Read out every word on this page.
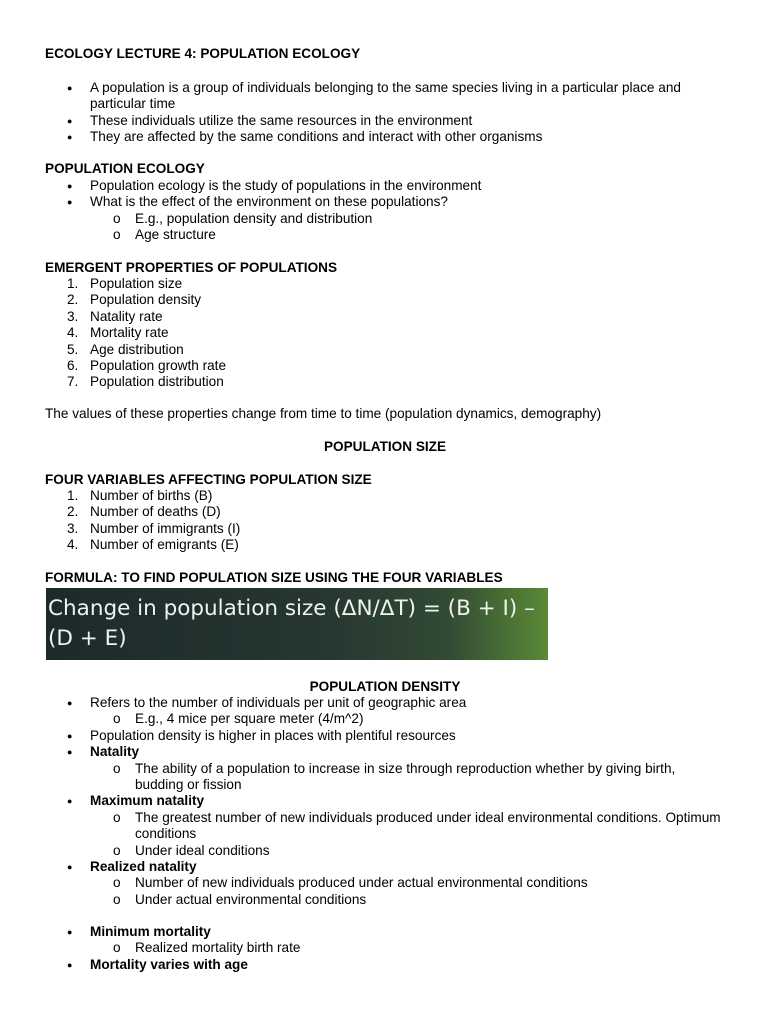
ECOLOGY LECTURE 4: POPULATION ECOLOGY

● A population is a group of individuals belonging to the same species living in a particular place and particular time
● These individuals utilize the same resources in the environment
● They are affected by the same conditions and interact with other organisms

POPULATION ECOLOGY

● Population ecology is the study of populations in the environment
● What is the effect of the environment on these populations?
o E.g., population density and distribution
o Age structure

EMERGENT PROPERTIES OF POPULATIONS

1. Population size
2. Population density
3. Natality rate
4. Mortality rate
5. Age distribution
6. Population growth rate
7. Population distribution

The values of these properties change from time to time (population dynamics, demography)

POPULATION SIZE

FOUR VARIABLES AFFECTING POPULATION SIZE

1. Number of births (B)
2. Number of deaths (D)
3. Number of immigrants (I)
4. Number of emigrants (E)

FORMULA: TO FIND POPULATION SIZE USING THE FOUR VARIABLES

Change in population size (ΔN/ΔT) = (B + I) – (D + E)

POPULATION DENSITY

● Refers to the number of individuals per unit of geographic area
o E.g., 4 mice per square meter (4/m^2)
● Population density is higher in places with plentiful resources
● Natality
o The ability of a population to increase in size through reproduction whether by giving birth, budding or fission
● Maximum natality
o The greatest number of new individuals produced under ideal environmental conditions. Optimum conditions
o Under ideal conditions
● Realized natality
o Number of new individuals produced under actual environmental conditions
o Under actual environmental conditions
● Minimum mortality
o Realized mortality birth rate
● Mortality varies with age
